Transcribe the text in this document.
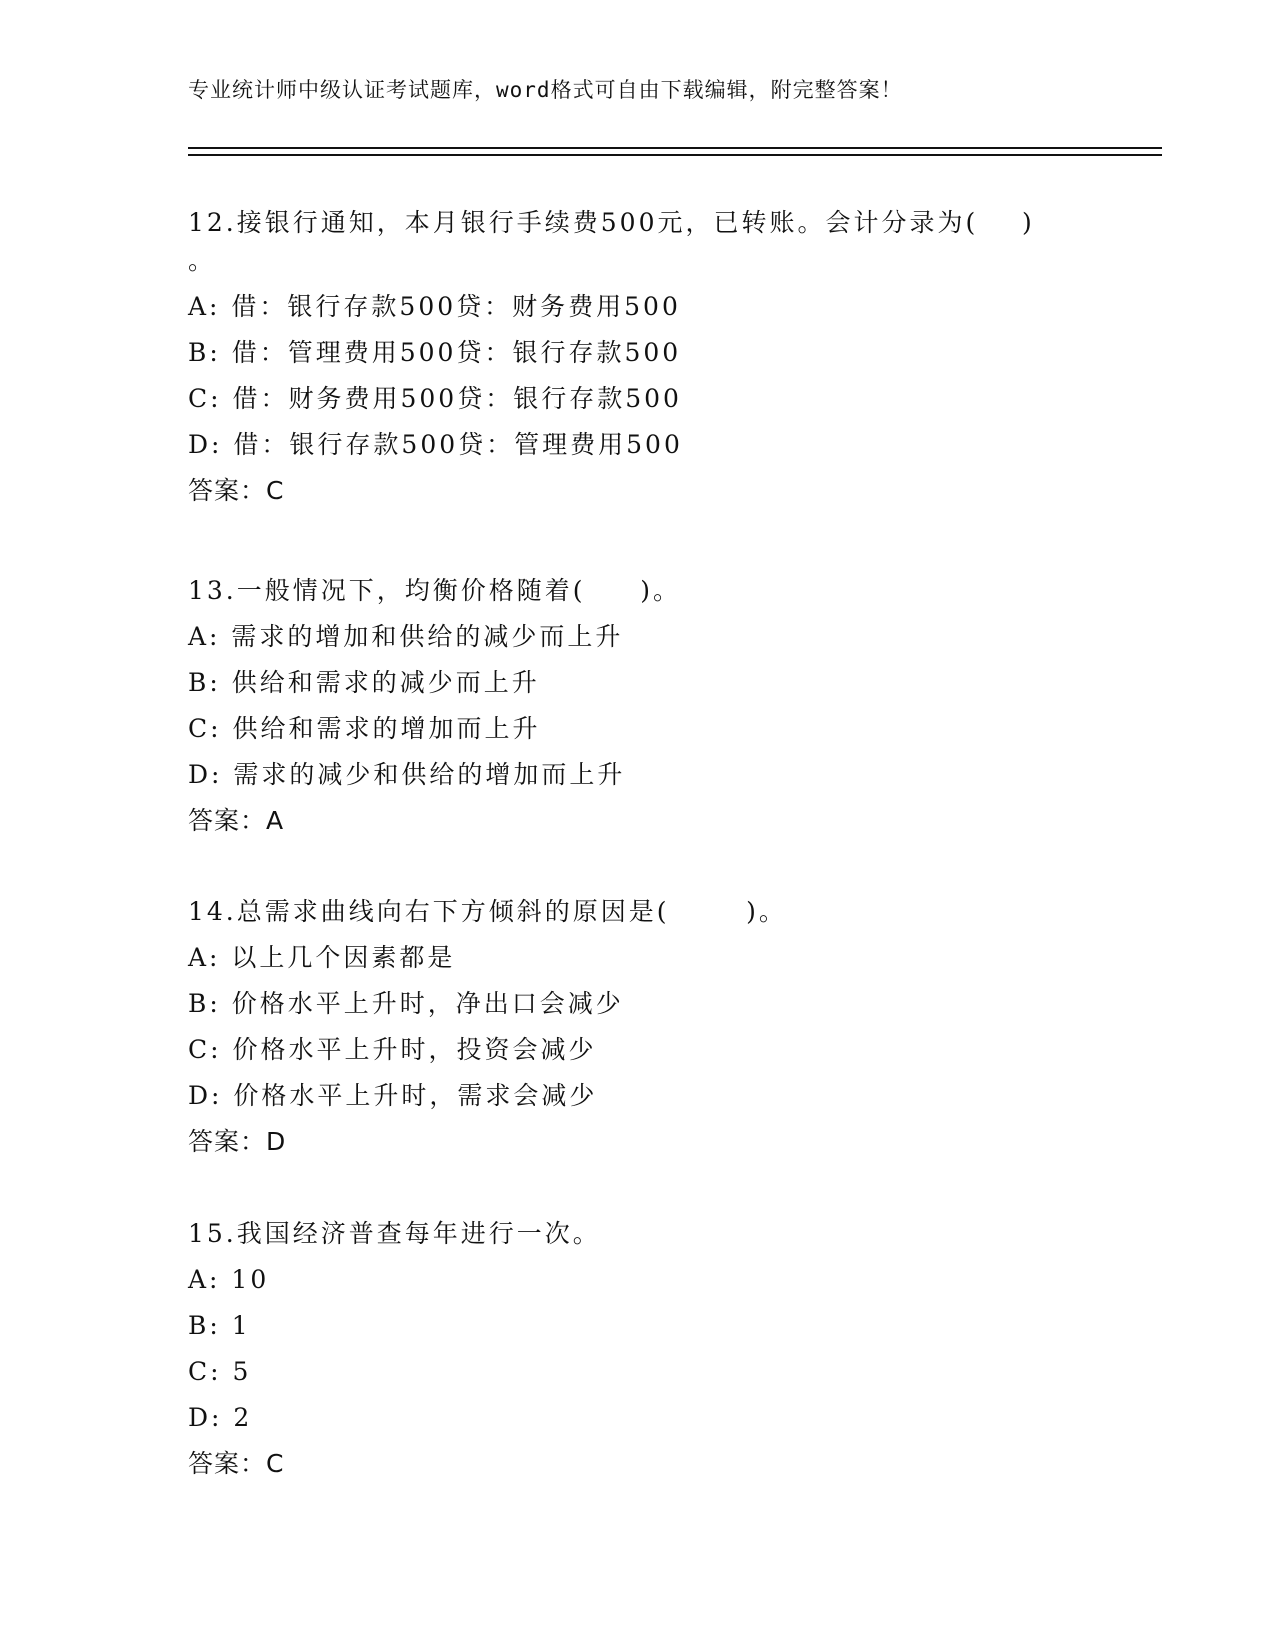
专业统计师中级认证考试题库，word格式可自由下载编辑，附完整答案！
12.接银行通知，本月银行手续费500元，已转账。会计分录为(    )
。
A: 借：银行存款500贷：财务费用500
B: 借：管理费用500贷：银行存款500
C: 借：财务费用500贷：银行存款500
D: 借：银行存款500贷：管理费用500
答案：C
13.一般情况下，均衡价格随着(     )。
A: 需求的增加和供给的减少而上升
B: 供给和需求的减少而上升
C: 供给和需求的增加而上升
D: 需求的减少和供给的增加而上升
答案：A
14.总需求曲线向右下方倾斜的原因是(       )。
A: 以上几个因素都是
B: 价格水平上升时，净出口会减少
C: 价格水平上升时，投资会减少
D: 价格水平上升时，需求会减少
答案：D
15.我国经济普查每年进行一次。
A: 10
B: 1
C: 5
D: 2
答案：C
